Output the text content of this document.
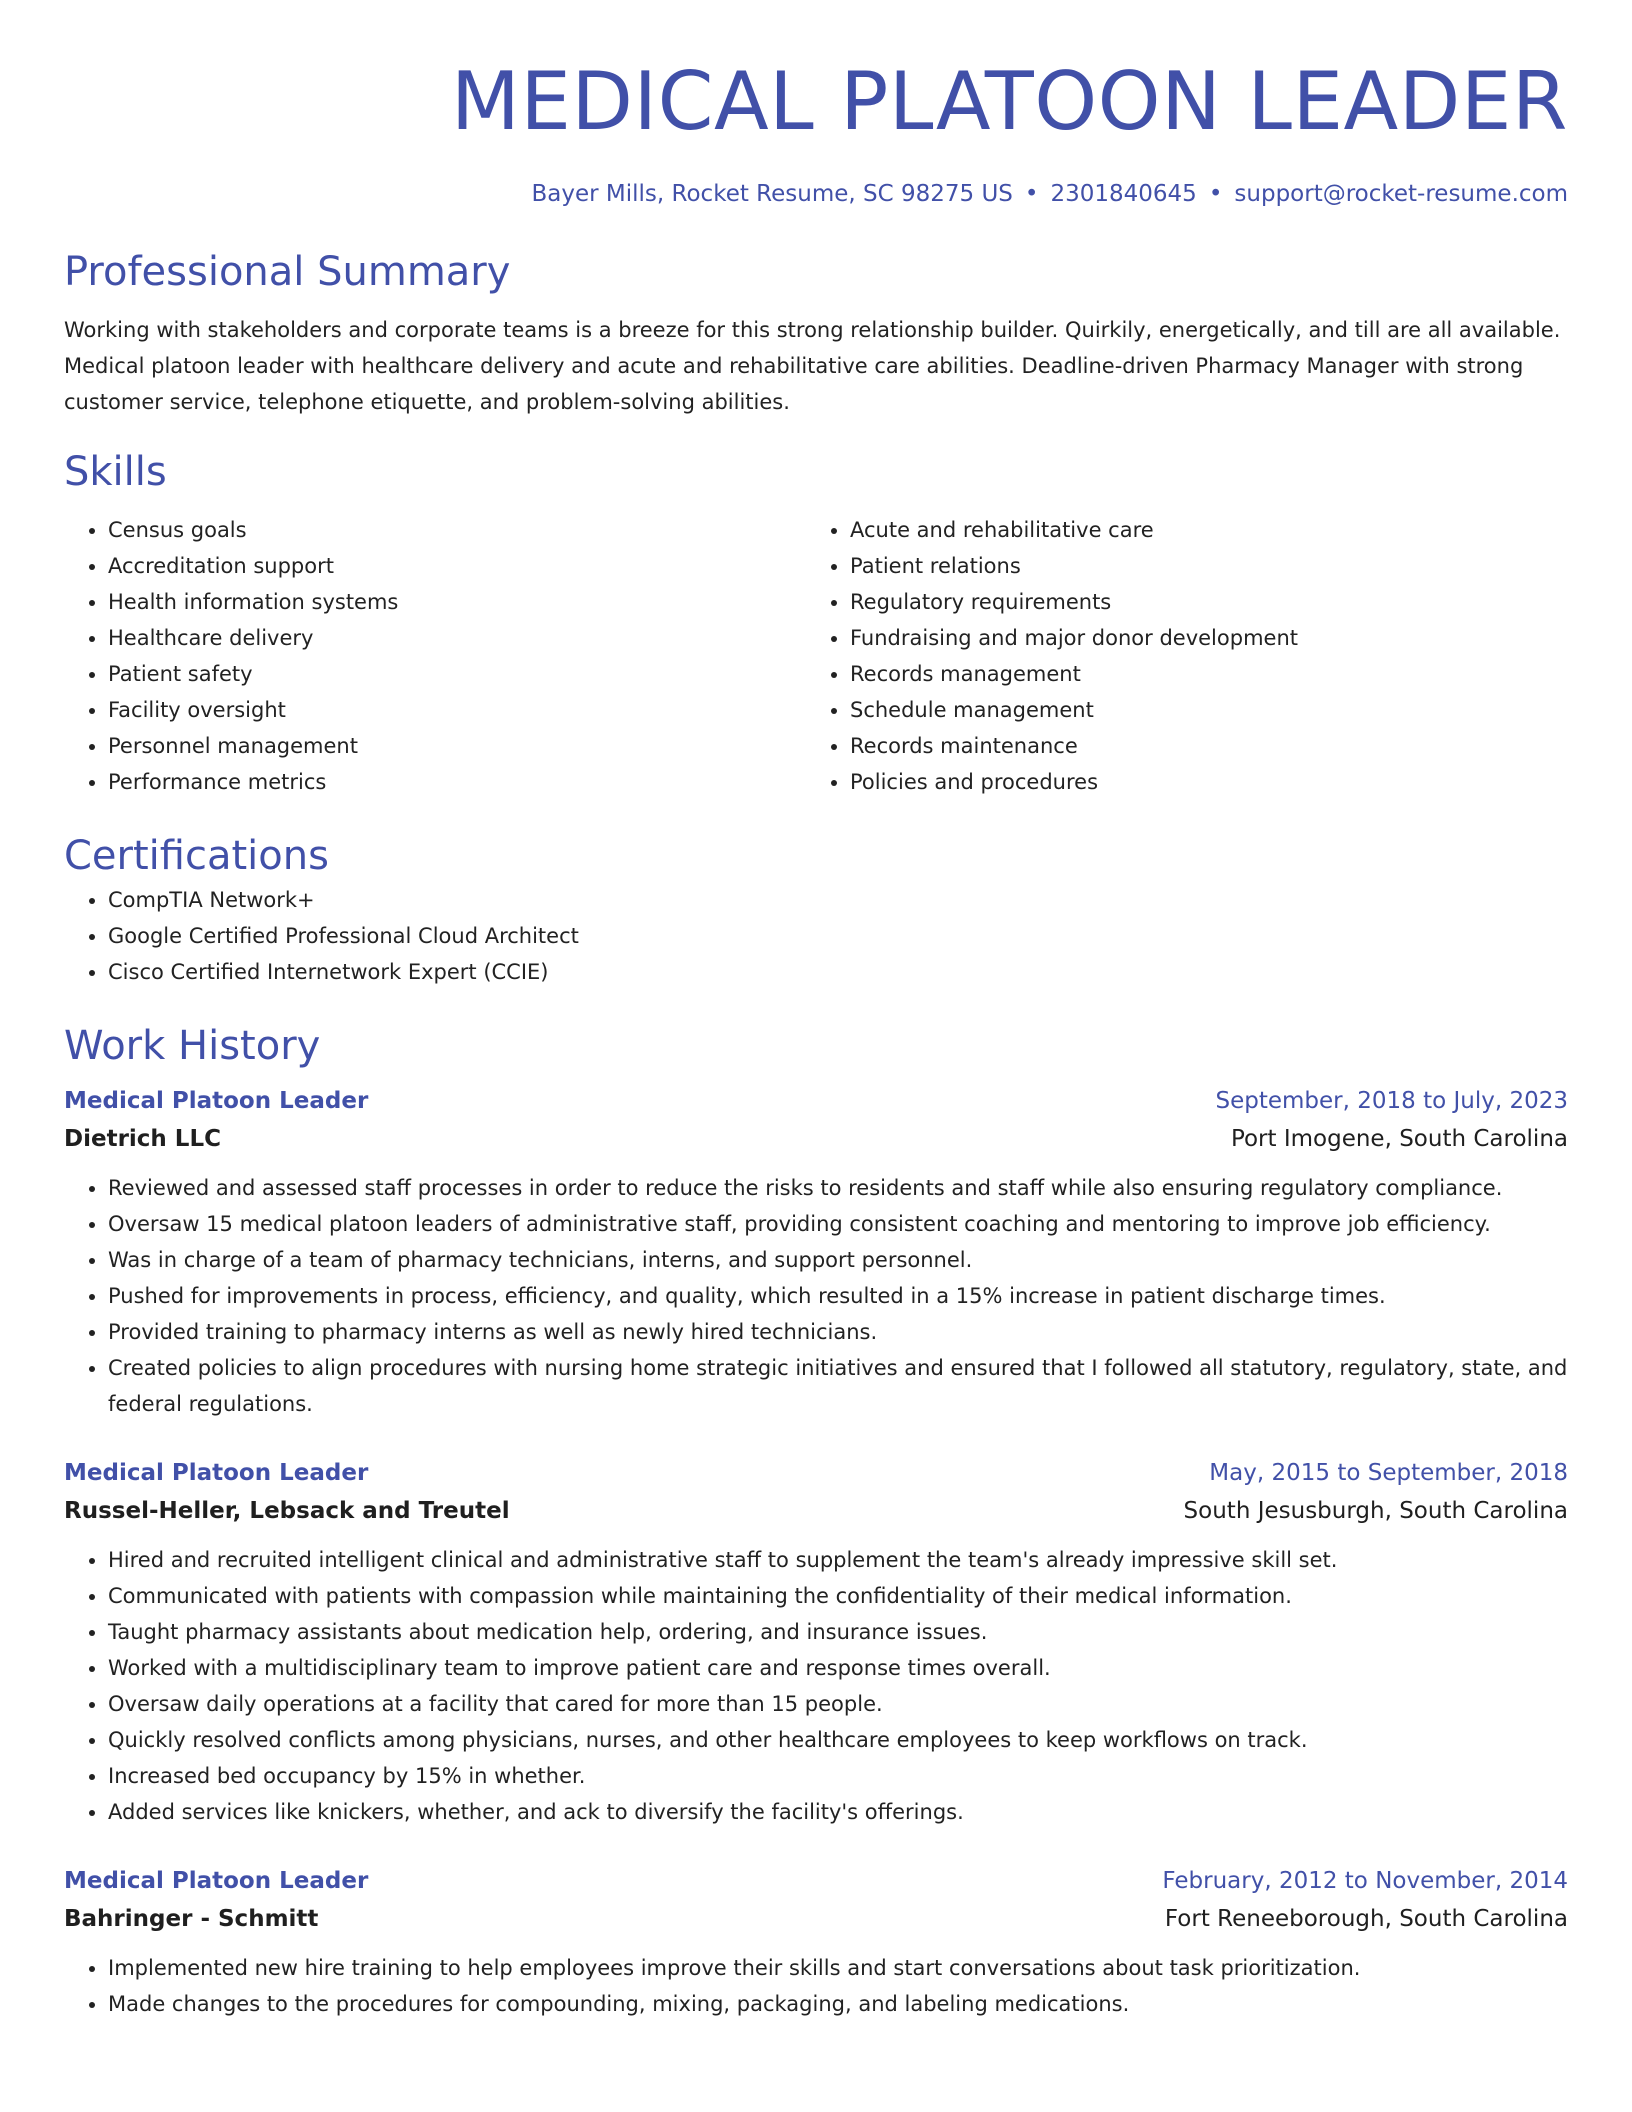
MEDICAL PLATOON LEADER
Bayer Mills, Rocket Resume, SC 98275 US • 2301840645 • support@rocket-resume.com
Professional Summary

Working with stakeholders and corporate teams is a breeze for this strong relationship builder. Quirkily, energetically, and till are all available. Medical platoon leader with healthcare delivery and acute and rehabilitative care abilities. Deadline-driven Pharmacy Manager with strong customer service, telephone etiquette, and problem-solving abilities.

Skills
• Census goals
• Accreditation support
• Health information systems
• Healthcare delivery
• Patient safety
• Facility oversight
• Personnel management
• Performance metrics
• Acute and rehabilitative care
• Patient relations
• Regulatory requirements
• Fundraising and major donor development
• Records management
• Schedule management
• Records maintenance
• Policies and procedures
Certifications
• CompTIA Network+
• Google Certified Professional Cloud Architect
• Cisco Certified Internetwork Expert (CCIE)
Work History
Medical Platoon Leader	September, 2018 to July, 2023
Dietrich LLC	Port Imogene, South Carolina
• Reviewed and assessed staff processes in order to reduce the risks to residents and staff while also ensuring regulatory compliance.
• Oversaw 15 medical platoon leaders of administrative staff, providing consistent coaching and mentoring to improve job efficiency.
• Was in charge of a team of pharmacy technicians, interns, and support personnel.
• Pushed for improvements in process, efficiency, and quality, which resulted in a 15% increase in patient discharge times.
• Provided training to pharmacy interns as well as newly hired technicians.
• Created policies to align procedures with nursing home strategic initiatives and ensured that I followed all statutory, regulatory, state, and federal regulations.
Medical Platoon Leader	May, 2015 to September, 2018
Russel-Heller, Lebsack and Treutel	South Jesusburgh, South Carolina
• Hired and recruited intelligent clinical and administrative staff to supplement the team's already impressive skill set.
• Communicated with patients with compassion while maintaining the confidentiality of their medical information.
• Taught pharmacy assistants about medication help, ordering, and insurance issues.
• Worked with a multidisciplinary team to improve patient care and response times overall.
• Oversaw daily operations at a facility that cared for more than 15 people.
• Quickly resolved conflicts among physicians, nurses, and other healthcare employees to keep workflows on track.
• Increased bed occupancy by 15% in whether.
• Added services like knickers, whether, and ack to diversify the facility's offerings.
Medical Platoon Leader	February, 2012 to November, 2014
Bahringer - Schmitt	Fort Reneeborough, South Carolina
• Implemented new hire training to help employees improve their skills and start conversations about task prioritization.
• Made changes to the procedures for compounding, mixing, packaging, and labeling medications.
